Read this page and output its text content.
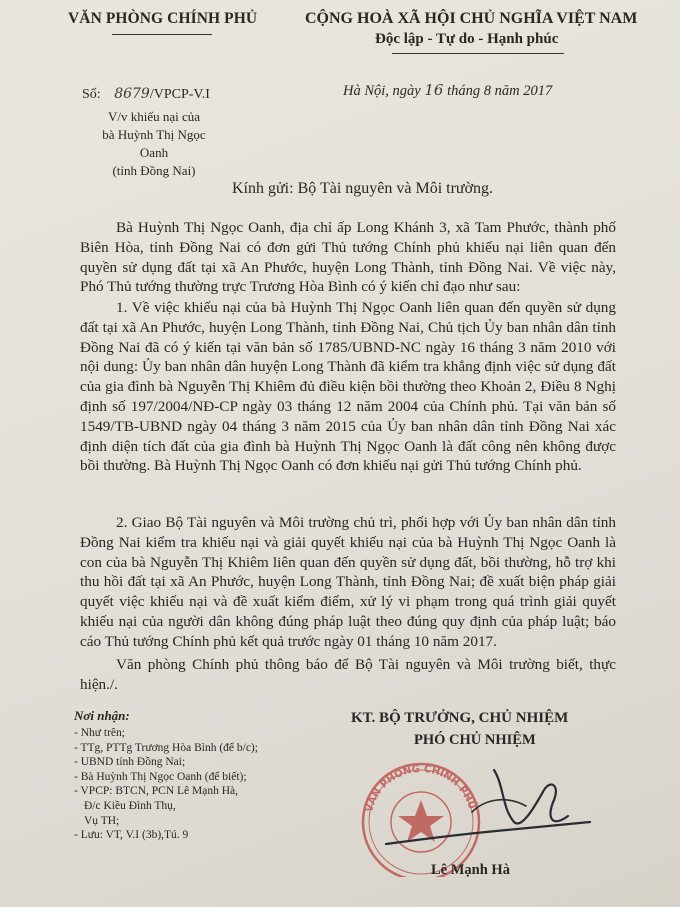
VĂN PHÒNG CHÍNH PHỦ	CỘNG HOÀ XÃ HỘI CHỦ NGHĨA VIỆT NAM
Độc lập - Tự do - Hạnh phúc
Số: 8679/VPCP-V.I
V/v khiếu nại của
bà Huỳnh Thị Ngọc Oanh
(tỉnh Đồng Nai)
Hà Nội, ngày 16 tháng 8 năm 2017
Kính gửi: Bộ Tài nguyên và Môi trường.

Bà Huỳnh Thị Ngọc Oanh, địa chỉ ấp Long Khánh 3, xã Tam Phước, thành phố Biên Hòa, tỉnh Đồng Nai có đơn gửi Thủ tướng Chính phủ khiếu nại liên quan đến quyền sử dụng đất tại xã An Phước, huyện Long Thành, tỉnh Đồng Nai. Về việc này, Phó Thủ tướng thường trực Trương Hòa Bình có ý kiến chỉ đạo như sau:

1. Về việc khiếu nại của bà Huỳnh Thị Ngọc Oanh liên quan đến quyền sử dụng đất tại xã An Phước, huyện Long Thành, tỉnh Đồng Nai, Chủ tịch Ủy ban nhân dân tỉnh Đồng Nai đã có ý kiến tại văn bản số 1785/UBND-NC ngày 16 tháng 3 năm 2010 với nội dung: Ủy ban nhân dân huyện Long Thành đã kiểm tra khẳng định việc sử dụng đất của gia đình bà Nguyễn Thị Khiêm đủ điều kiện bồi thường theo Khoản 2, Điều 8 Nghị định số 197/2004/NĐ-CP ngày 03 tháng 12 năm 2004 của Chính phủ. Tại văn bản số 1549/TB-UBND ngày 04 tháng 3 năm 2015 của Ủy ban nhân dân tỉnh Đồng Nai xác định diện tích đất của gia đình bà Huỳnh Thị Ngọc Oanh là đất công nên không được bồi thường. Bà Huỳnh Thị Ngọc Oanh có đơn khiếu nại gửi Thủ tướng Chính phủ.

2. Giao Bộ Tài nguyên và Môi trường chủ trì, phối hợp với Ủy ban nhân dân tỉnh Đồng Nai kiểm tra khiếu nại và giải quyết khiếu nại của bà Huỳnh Thị Ngọc Oanh là con của bà Nguyễn Thị Khiêm liên quan đến quyền sử dụng đất, bồi thường, hỗ trợ khi thu hồi đất tại xã An Phước, huyện Long Thành, tỉnh Đồng Nai; đề xuất biện pháp giải quyết việc khiếu nại và đề xuất kiểm điểm, xử lý vi phạm trong quá trình giải quyết khiếu nại của người dân không đúng pháp luật theo đúng quy định của pháp luật; báo cáo Thủ tướng Chính phủ kết quả trước ngày 01 tháng 10 năm 2017.

Văn phòng Chính phủ thông báo để Bộ Tài nguyên và Môi trường biết, thực hiện./.

Nơi nhận:
- Như trên;
- TTg, PTTg Trương Hòa Bình (để b/c);
- UBND tỉnh Đồng Nai;
- Bà Huỳnh Thị Ngọc Oanh (để biết);
- VPCP: BTCN, PCN Lê Mạnh Hà,
Đ/c Kiều Đình Thụ,
Vụ TH;
- Lưu: VT, V.I (3b),Tú. 9
KT. BỘ TRƯỞNG, CHỦ NHIỆM
PHÓ CHỦ NHIỆM
VĂN PHÒNG CHÍNH PHỦ
Lê Mạnh Hà
